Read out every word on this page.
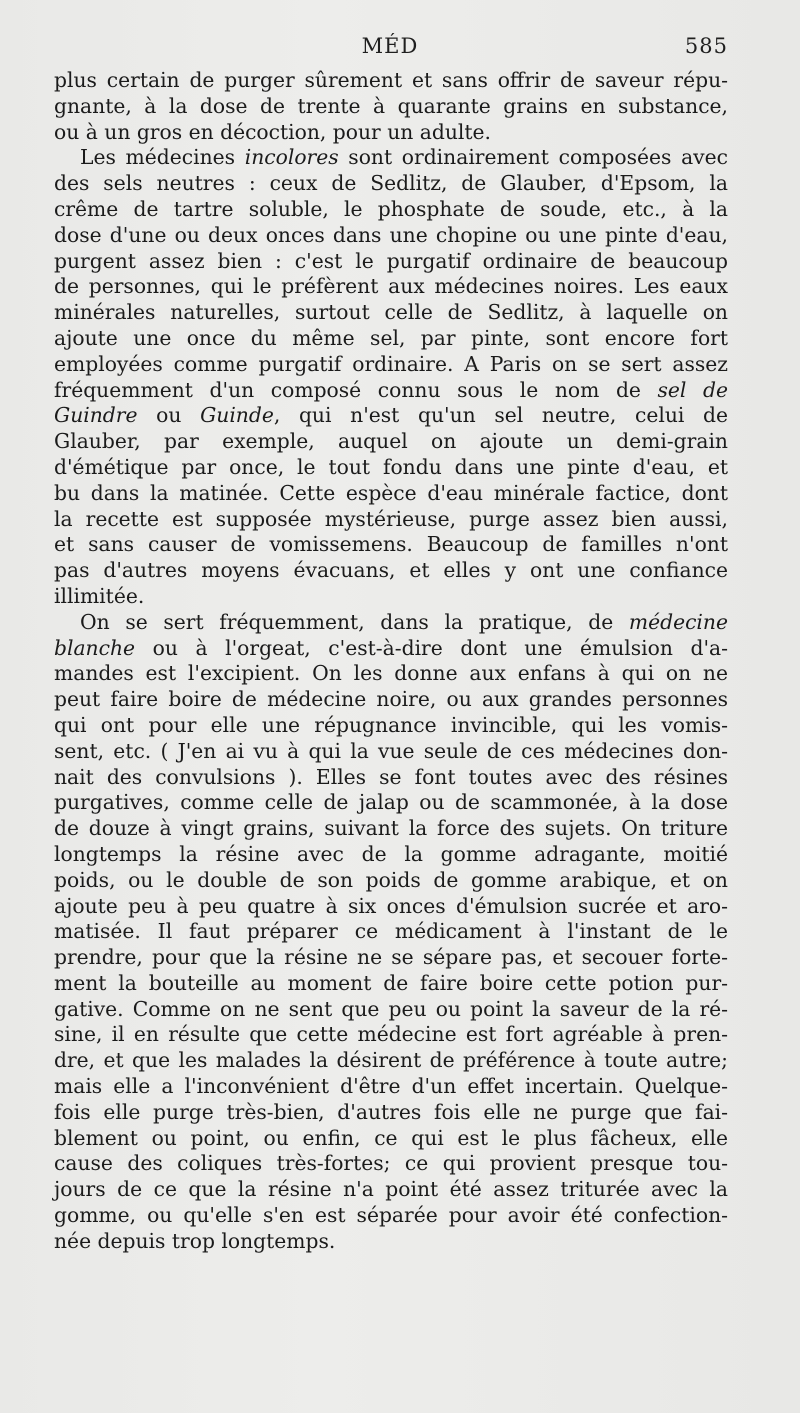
MÉD	585
plus certain de purger sûrement et sans offrir de saveur répu-
gnante, à la dose de trente à quarante grains en substance,
ou à un gros en décoction, pour un adulte.
Les médecines incolores sont ordinairement composées avec
des sels neutres : ceux de Sedlitz, de Glauber, d'Epsom, la
crême de tartre soluble, le phosphate de soude, etc., à la
dose d'une ou deux onces dans une chopine ou une pinte d'eau,
purgent assez bien : c'est le purgatif ordinaire de beaucoup
de personnes, qui le préfèrent aux médecines noires. Les eaux
minérales naturelles, surtout celle de Sedlitz, à laquelle on
ajoute une once du même sel, par pinte, sont encore fort
employées comme purgatif ordinaire. A Paris on se sert assez
fréquemment d'un composé connu sous le nom de sel de
Guindre ou Guinde, qui n'est qu'un sel neutre, celui de
Glauber, par exemple, auquel on ajoute un demi-grain
d'émétique par once, le tout fondu dans une pinte d'eau, et
bu dans la matinée. Cette espèce d'eau minérale factice, dont
la recette est supposée mystérieuse, purge assez bien aussi,
et sans causer de vomissemens. Beaucoup de familles n'ont
pas d'autres moyens évacuans, et elles y ont une confiance
illimitée.
On se sert fréquemment, dans la pratique, de médecine
blanche ou à l'orgeat, c'est-à-dire dont une émulsion d'a-
mandes est l'excipient. On les donne aux enfans à qui on ne
peut faire boire de médecine noire, ou aux grandes personnes
qui ont pour elle une répugnance invincible, qui les vomis-
sent, etc. ( J'en ai vu à qui la vue seule de ces médecines don-
nait des convulsions ). Elles se font toutes avec des résines
purgatives, comme celle de jalap ou de scammonée, à la dose
de douze à vingt grains, suivant la force des sujets. On triture
longtemps la résine avec de la gomme adragante, moitié
poids, ou le double de son poids de gomme arabique, et on
ajoute peu à peu quatre à six onces d'émulsion sucrée et aro-
matisée. Il faut préparer ce médicament à l'instant de le
prendre, pour que la résine ne se sépare pas, et secouer forte-
ment la bouteille au moment de faire boire cette potion pur-
gative. Comme on ne sent que peu ou point la saveur de la ré-
sine, il en résulte que cette médecine est fort agréable à pren-
dre, et que les malades la désirent de préférence à toute autre;
mais elle a l'inconvénient d'être d'un effet incertain. Quelque-
fois elle purge très-bien, d'autres fois elle ne purge que fai-
blement ou point, ou enfin, ce qui est le plus fâcheux, elle
cause des coliques très-fortes; ce qui provient presque tou-
jours de ce que la résine n'a point été assez triturée avec la
gomme, ou qu'elle s'en est séparée pour avoir été confection-
née depuis trop longtemps.
